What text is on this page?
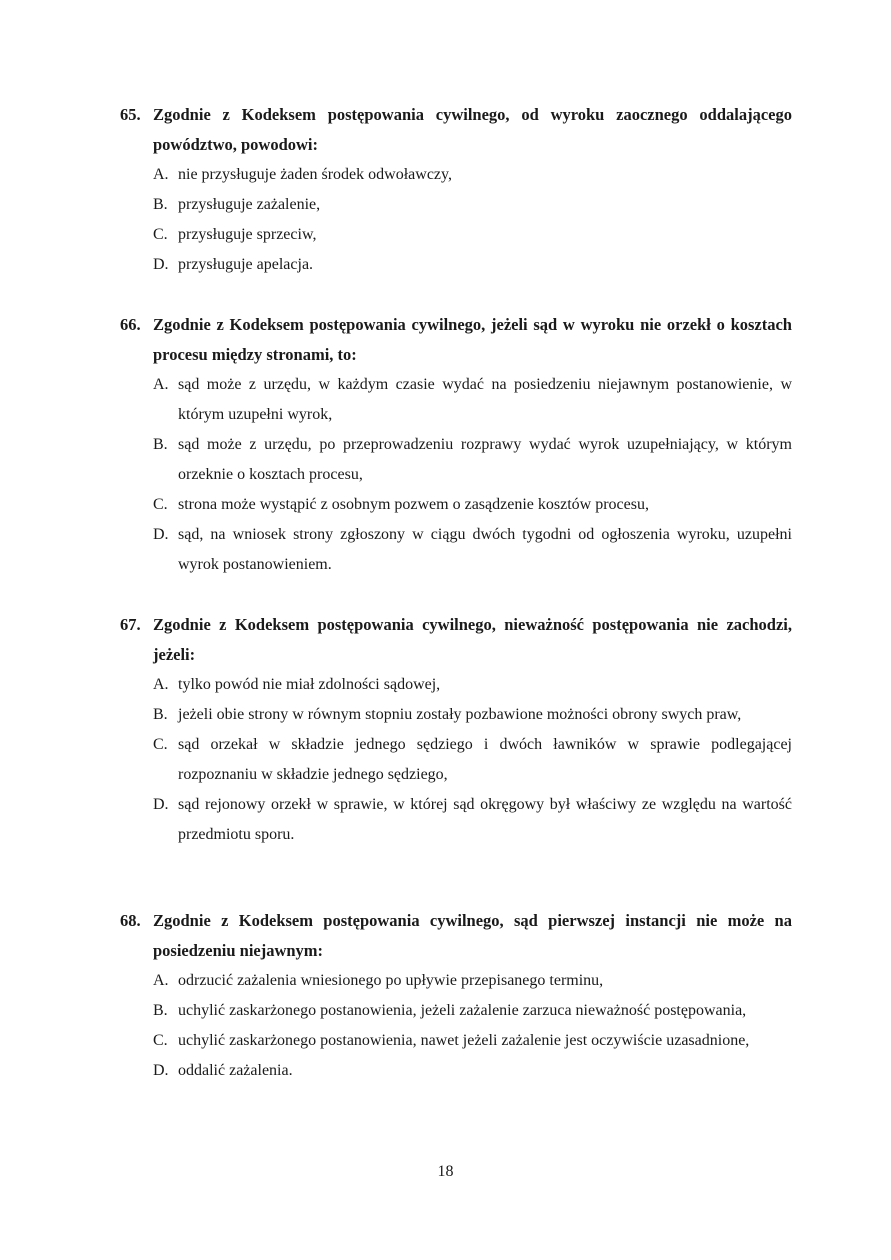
65. Zgodnie z Kodeksem postępowania cywilnego, od wyroku zaocznego oddalającego powództwo, powodowi:
A. nie przysługuje żaden środek odwoławczy,
B. przysługuje zażalenie,
C. przysługuje sprzeciw,
D. przysługuje apelacja.
66. Zgodnie z Kodeksem postępowania cywilnego, jeżeli sąd w wyroku nie orzekł o kosztach procesu między stronami, to:
A. sąd może z urzędu, w każdym czasie wydać na posiedzeniu niejawnym postanowienie, w którym uzupełni wyrok,
B. sąd może z urzędu, po przeprowadzeniu rozprawy wydać wyrok uzupełniający, w którym orzeknie o kosztach procesu,
C. strona może wystąpić z osobnym pozwem o zasądzenie kosztów procesu,
D. sąd, na wniosek strony zgłoszony w ciągu dwóch tygodni od ogłoszenia wyroku, uzupełni wyrok postanowieniem.
67. Zgodnie z Kodeksem postępowania cywilnego, nieważność postępowania nie zachodzi, jeżeli:
A. tylko powód nie miał zdolności sądowej,
B. jeżeli obie strony w równym stopniu zostały pozbawione możności obrony swych praw,
C. sąd orzekał w składzie jednego sędziego i dwóch ławników w sprawie podlegającej rozpoznaniu w składzie jednego sędziego,
D. sąd rejonowy orzekł w sprawie, w której sąd okręgowy był właściwy ze względu na wartość przedmiotu sporu.
68. Zgodnie z Kodeksem postępowania cywilnego, sąd pierwszej instancji nie może na posiedzeniu niejawnym:
A. odrzucić zażalenia wniesionego po upływie przepisanego terminu,
B. uchylić zaskarżonego postanowienia, jeżeli zażalenie zarzuca nieważność postępowania,
C. uchylić zaskarżonego postanowienia, nawet jeżeli zażalenie jest oczywiście uzasadnione,
D. oddalić zażalenia.
18
